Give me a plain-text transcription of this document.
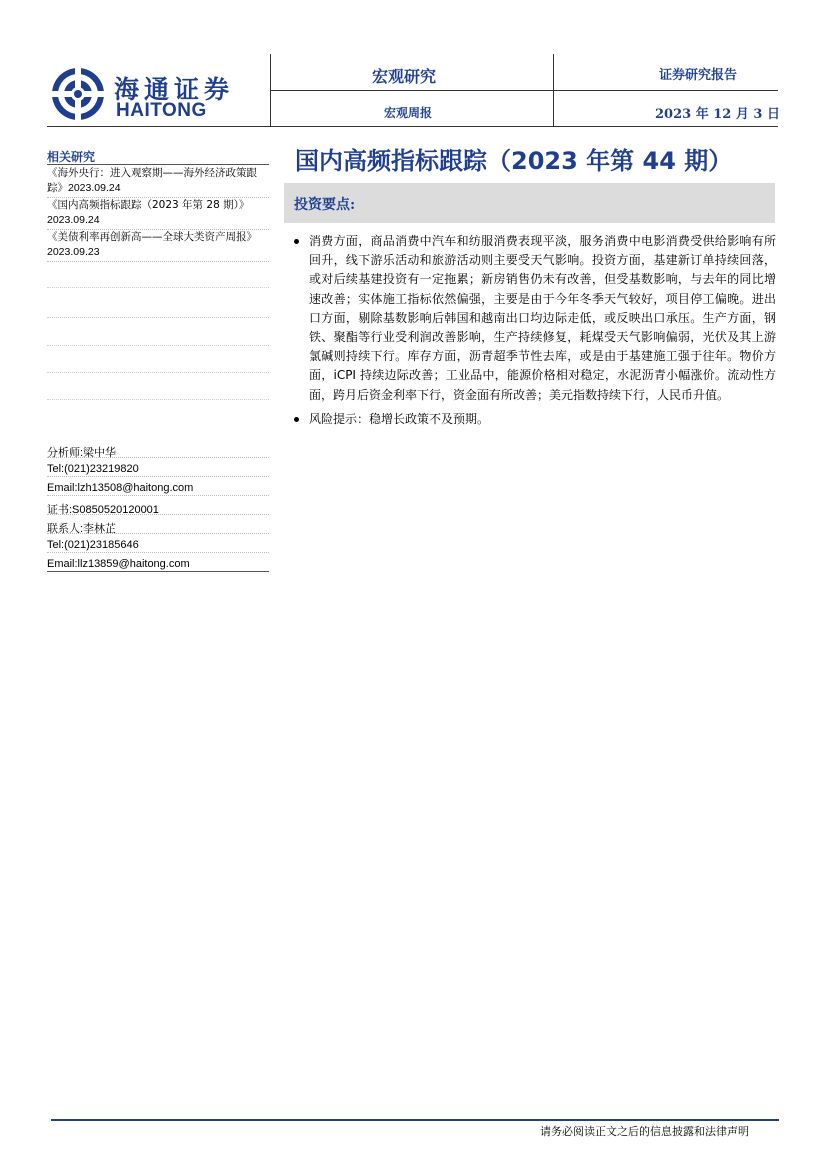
海通证券
HAITONG
宏观研究
宏观周报
证券研究报告
2023 年 12 月 3 日
相关研究
《海外央行：进入观察期——海外经济政策跟踪》2023.09.24
《国内高频指标跟踪（2023 年第 28 期）》2023.09.24
《美债利率再创新高——全球大类资产周报》2023.09.23
分析师:梁中华
Tel:(021)23219820
Email:lzh13508@haitong.com
证书:S0850520120001
联系人:李林芷
Tel:(021)23185646
Email:llz13859@haitong.com
国内高频指标跟踪（2023 年第 44 期）
投资要点:
消费方面，商品消费中汽车和纺服消费表现平淡，服务消费中电影消费受供给影响有所回升，线下游乐活动和旅游活动则主要受天气影响。投资方面，基建新订单持续回落，或对后续基建投资有一定拖累；新房销售仍未有改善，但受基数影响，与去年的同比增速改善；实体施工指标依然偏强，主要是由于今年冬季天气较好，项目停工偏晚。进出口方面，剔除基数影响后韩国和越南出口均边际走低，或反映出口承压。生产方面，钢铁、聚酯等行业受利润改善影响，生产持续修复，耗煤受天气影响偏弱，光伏及其上游氯碱则持续下行。库存方面，沥青超季节性去库，或是由于基建施工强于往年。物价方面，iCPI 持续边际改善；工业品中，能源价格相对稳定，水泥沥青小幅涨价。流动性方面，跨月后资金利率下行，资金面有所改善；美元指数持续下行，人民币升值。
风险提示：稳增长政策不及预期。
请务必阅读正文之后的信息披露和法律声明
